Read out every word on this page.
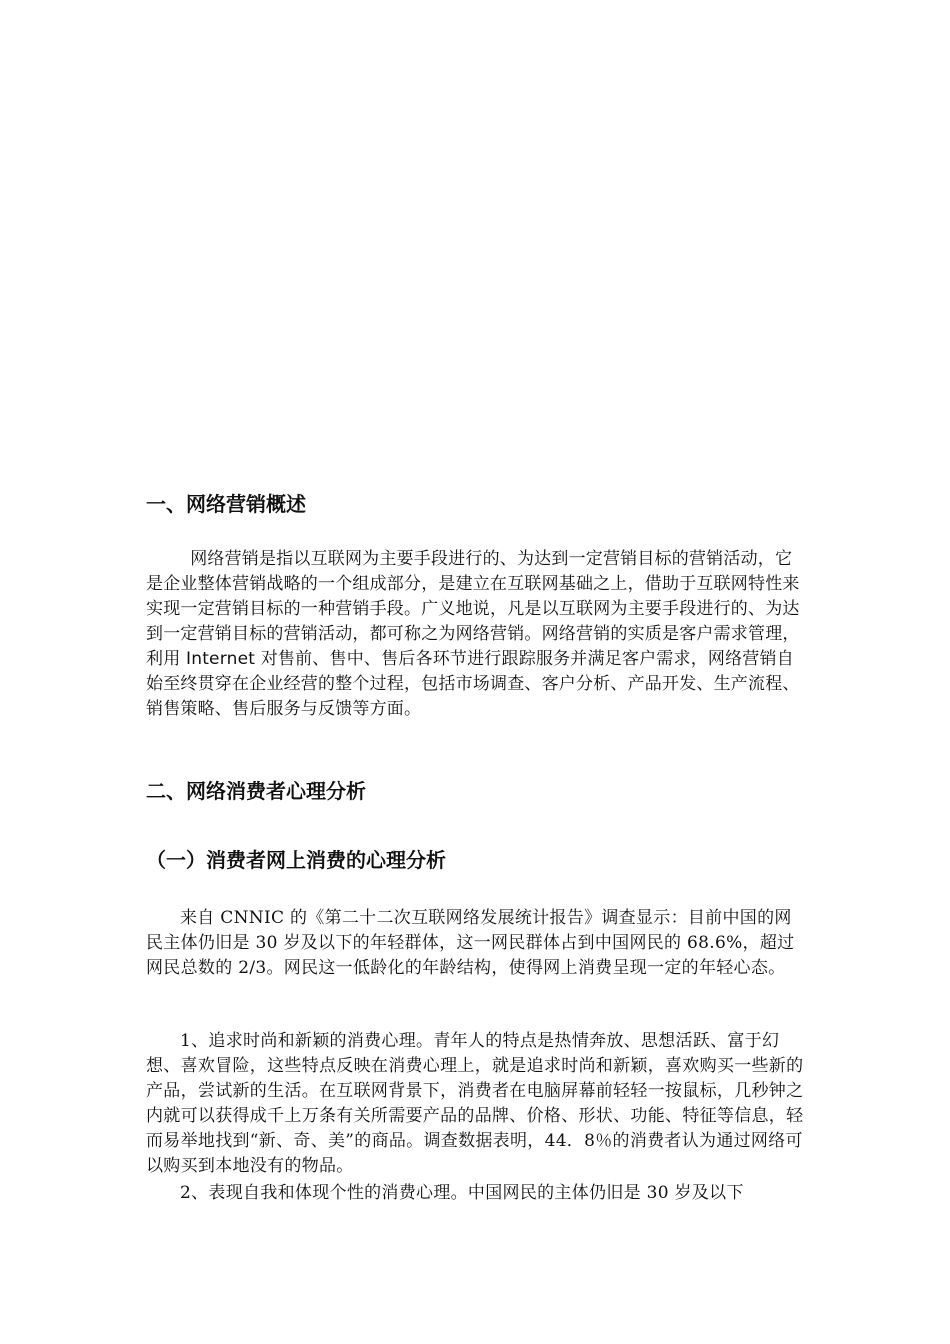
一、网络营销概述

网络营销是指以互联网为主要手段进行的、为达到一定营销目标的营销活动，它是企业整体营销战略的一个组成部分，是建立在互联网基础之上，借助于互联网特性来实现一定营销目标的一种营销手段。广义地说，凡是以互联网为主要手段进行的、为达到一定营销目标的营销活动，都可称之为网络营销。网络营销的实质是客户需求管理，利用 Internet 对售前、售中、售后各环节进行跟踪服务并满足客户需求，网络营销自始至终贯穿在企业经营的整个过程，包括市场调查、客户分析、产品开发、生产流程、销售策略、售后服务与反馈等方面。

二、网络消费者心理分析
（一）消费者网上消费的心理分析

来自 CNNIC 的《第二十二次互联网络发展统计报告》调查显示：目前中国的网民主体仍旧是 30 岁及以下的年轻群体，这一网民群体占到中国网民的 68.6%，超过网民总数的 2/3。网民这一低龄化的年龄结构，使得网上消费呈现一定的年轻心态。

1、追求时尚和新颖的消费心理。青年人的特点是热情奔放、思想活跃、富于幻想、喜欢冒险，这些特点反映在消费心理上，就是追求时尚和新颖，喜欢购买一些新的产品，尝试新的生活。在互联网背景下，消费者在电脑屏幕前轻轻一按鼠标，几秒钟之内就可以获得成千上万条有关所需要产品的品牌、价格、形状、功能、特征等信息，轻而易举地找到“新、奇、美”的商品。调查数据表明，44．8％的消费者认为通过网络可以购买到本地没有的物品。

2、表现自我和体现个性的消费心理。中国网民的主体仍旧是 30 岁及以下
